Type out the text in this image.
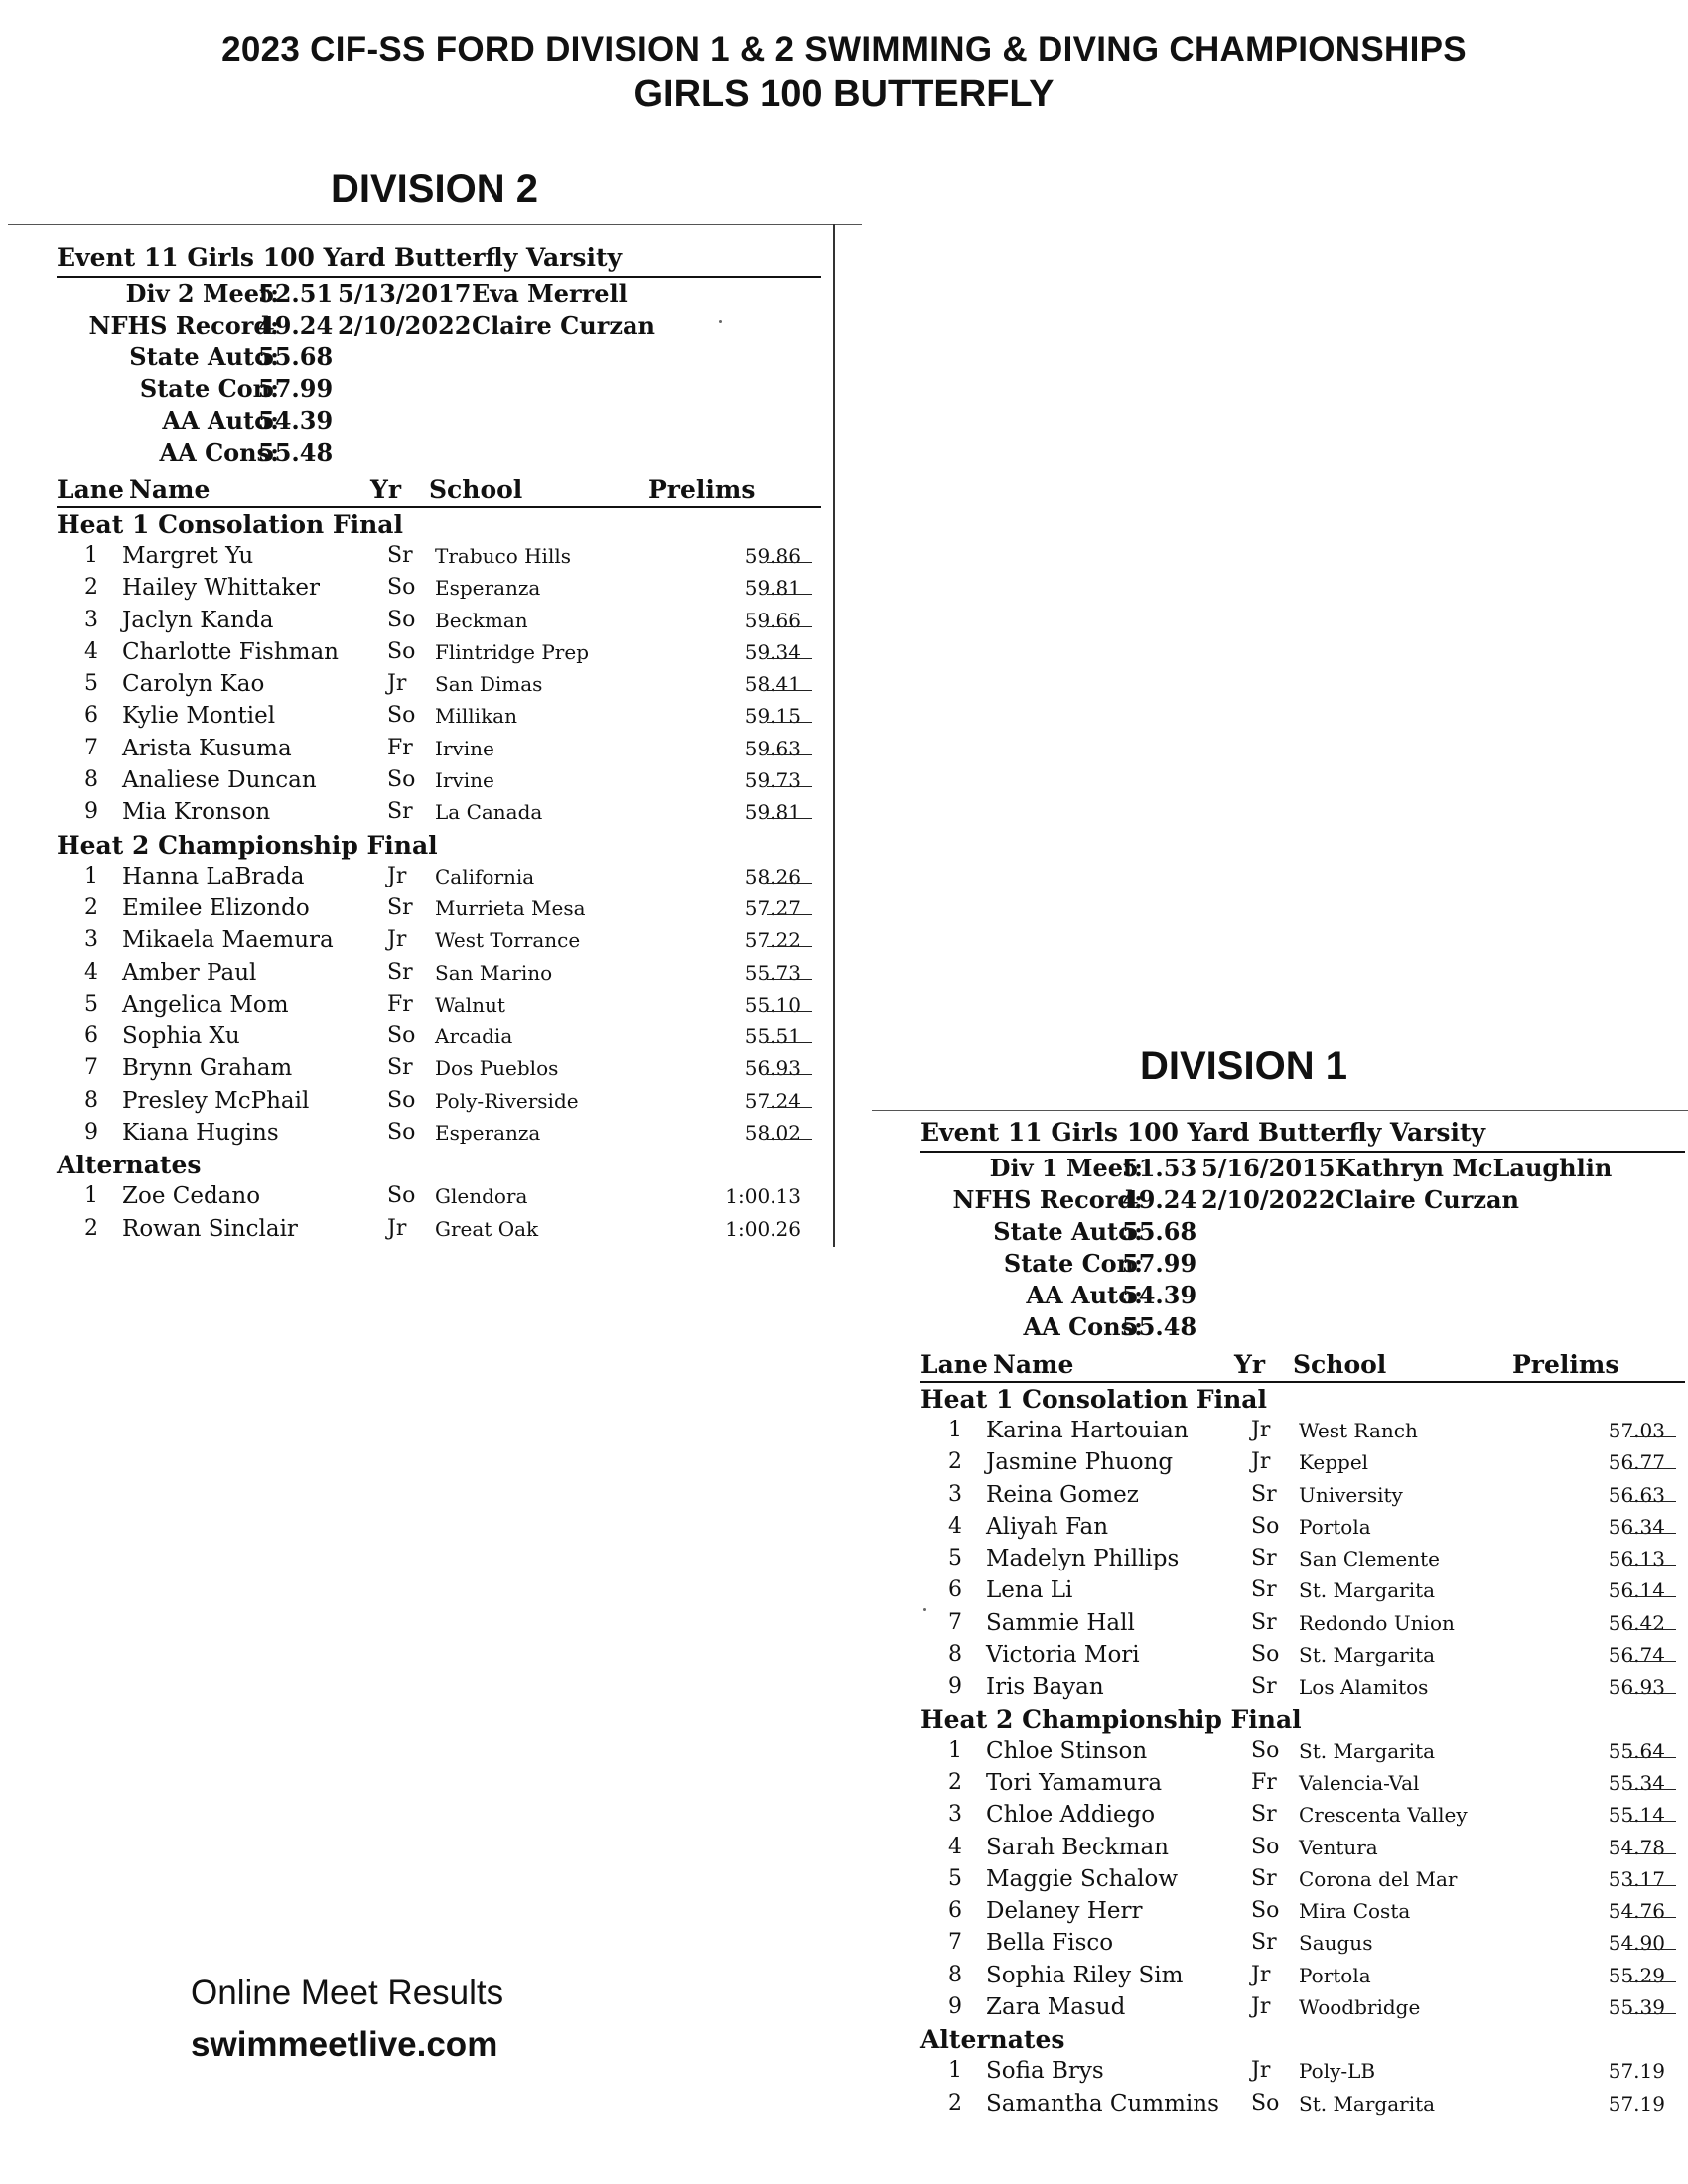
2023 CIF-SS FORD DIVISION 1 & 2 SWIMMING & DIVING CHAMPIONSHIPS
GIRLS 100 BUTTERFLY
DIVISION 2
Event 11 Girls 100 Yard Butterfly Varsity
Div 2 Meet:
52.51 5/13/2017 Eva Merrell
NFHS Record:
49.24 2/10/2022 Claire Curzan
State Auto:
55.68
State Con:
57.99
AA Auto:
54.39
AA Cons:
55.48
Lane Name	Yr School	Prelims
Heat 1 Consolation Final
1 Margret Yu	Sr Trabuco Hills	59.86
2 Hailey Whittaker	So Esperanza	59.81
3 Jaclyn Kanda	So Beckman	59.66
4 Charlotte Fishman So Flintridge Prep	59.34
5 Carolyn Kao	Jr San Dimas	58.41
6 Kylie Montiel	So Millikan	59.15
7 Arista Kusuma	Fr Irvine	59.63
8 Analiese Duncan	So Irvine	59.73
9 Mia Kronson	Sr La Canada	59.81
Heat 2 Championship Final
1 Hanna LaBrada	Jr California	58.26
2 Emilee Elizondo	Sr Murrieta Mesa	57.27
3 Mikaela Maemura Jr West Torrance	57.22
4 Amber Paul	Sr San Marino	55.73
5 Angelica Mom	Fr Walnut	55.10
6 Sophia Xu	So Arcadia	55.51
7 Brynn Graham	Sr Dos Pueblos	56.93
8 Presley McPhail	So Poly-Riverside	57.24
9 Kiana Hugins	So Esperanza	58.02
Alternates
1 Zoe Cedano	So Glendora	1:00.13
2 Rowan Sinclair	Jr Great Oak	1:00.26
DIVISION 1
Event 11 Girls 100 Yard Butterfly Varsity
Div 1 Meet:
51.53 5/16/2015 Kathryn McLaughlin
NFHS Record:
49.24 2/10/2022 Claire Curzan
State Auto:
55.68
State Con:
57.99
AA Auto:
54.39
AA Cons:
55.48
Lane Name	Yr School	Prelims
Heat 1 Consolation Final
1 Karina Hartouian	Jr West Ranch	57.03
2 Jasmine Phuong	Jr Keppel	56.77
3 Reina Gomez	Sr University	56.63
4 Aliyah Fan	So Portola	56.34
5 Madelyn Phillips	Sr San Clemente	56.13
6 Lena Li	Sr St. Margarita	56.14
7 Sammie Hall	Sr Redondo Union	56.42
8 Victoria Mori	So St. Margarita	56.74
9 Iris Bayan	Sr Los Alamitos	56.93
Heat 2 Championship Final
1 Chloe Stinson	So St. Margarita	55.64
2 Tori Yamamura	Fr Valencia-Val	55.34
3 Chloe Addiego	Sr Crescenta Valley	55.14
4 Sarah Beckman	So Ventura	54.78
5 Maggie Schalow	Sr Corona del Mar	53.17
6 Delaney Herr	So Mira Costa	54.76
7 Bella Fisco	Sr Saugus	54.90
8 Sophia Riley Sim	Jr Portola	55.29
9 Zara Masud	Jr Woodbridge	55.39
Alternates
1 Sofia Brys	Jr Poly-LB	57.19
2 Samantha Cummins So St. Margarita	57.19
Online Meet Results
swimmeetlive.com
